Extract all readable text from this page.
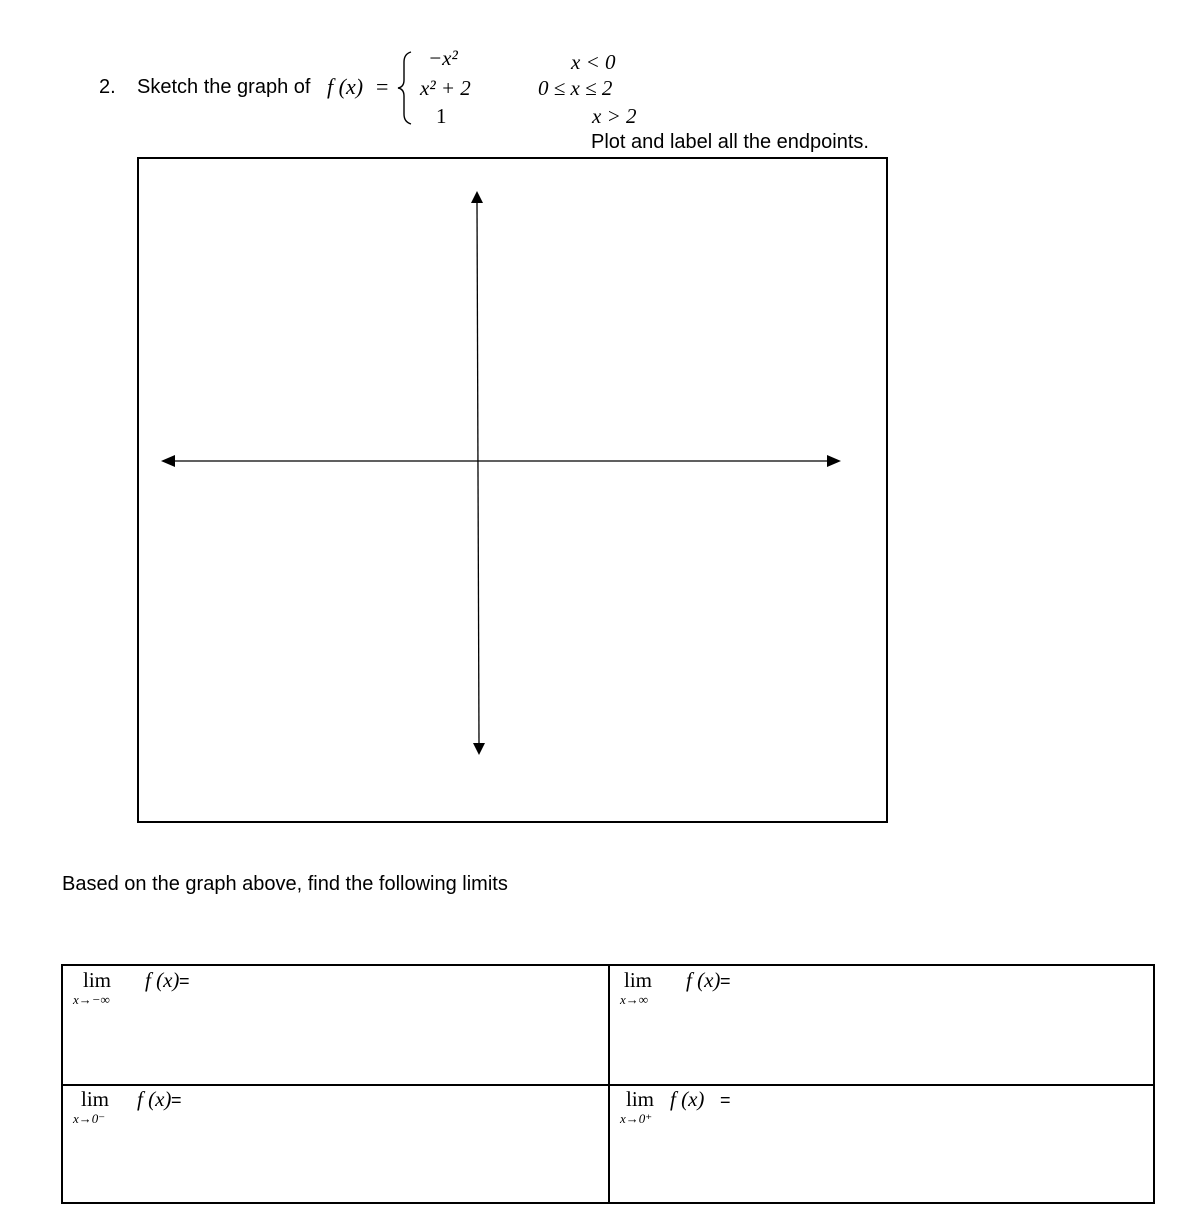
2. Sketch the graph of f (x) =
−x²
x² + 2
1
x < 0
0 ≤ x ≤ 2
x > 2
Plot and label all the endpoints.
Based on the graph above, find the following limits
lim
x→−∞
f (x) =	lim
x→∞
f (x) =
lim
x→0⁻
f (x) =	lim
x→0⁺
f (x) =
